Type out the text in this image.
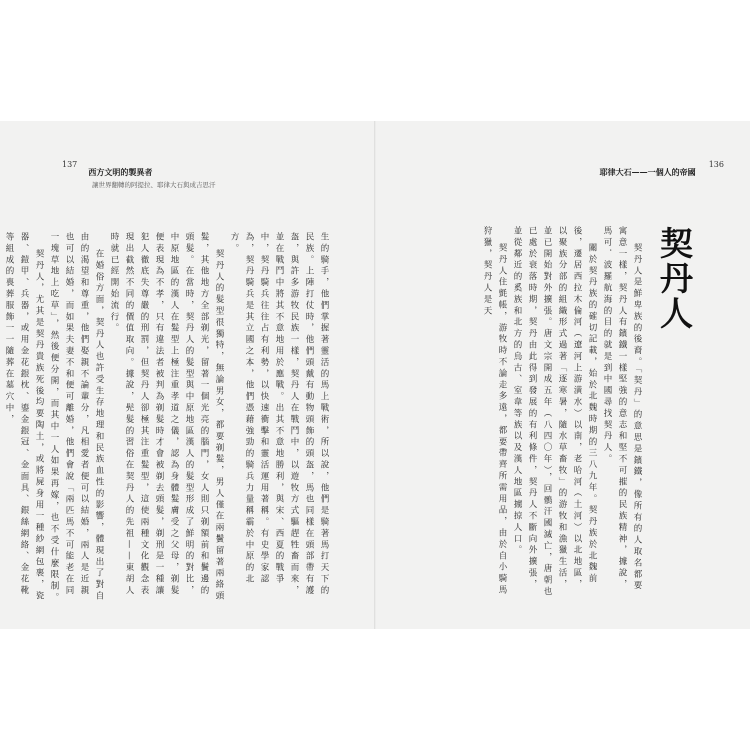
$^{137}$ 西方文明的製異者
讓世界翻轉的阿提拉、耶律大石與成吉思汗

生的騎手，他們掌握著靈活的馬上戰術，所以說，他們是騎著馬打天下的民族。上陣打仗時，他們頭戴有動物頭飾的頭盔，馬也同樣在頭部帶有護盔，與許多游牧民族一樣，契丹人在戰鬥中，以遊牧方式驅趕牲畜而來，並在戰鬥中將其不意地用於應戰。出其不意地勝利，與宋、西夏的戰爭中，契丹騎兵往往占有利勢，以快速衝擊和靈活運用著稱。有史學家認為，契丹騎兵是其立國之本，他們憑藉強勁的騎兵力量稱霸於中原的北方。

契丹人的髮型很獨特，無論男女，都要剃髮，男人僅在兩鬢留著兩絡頭髮，其他地方全部剃光，留著一個光亮的腦門，女人則只剃額前和鬢邊的頭髮。在當時，契丹人的髮型與中原地區漢人的髮型形成了鮮明的對比，中原地區的漢人在髮型上極注重孝道之儀，認為身體髮膚受之父母，剃髮便表現為不孝，只有違法者被判為剃髮時才會被剃去頭髮，剃刑是一種讓犯人徹底失尊嚴的刑罰，但契丹人卻極其注重髮型，這使兩種文化觀念表現出截然不同的價值取向。據說，髡髮的習俗在契丹人的先祖——東胡人時就已經開始流行。

在婚俗方面，契丹人也許受生存地理和民族血性的影響，體現出了對自由的渴望和尊重，他們娶親不論輩分，凡相愛者便可以結婚，兩人是近親也可以結婚，而如果夫妻不和便可離婚，他們會說「兩匹馬不可能老在同一塊草地上吃草」，然後便分開，而其中一人如果再嫁，也不受什麼限制。

契丹人，尤其是契丹貴族死後均要陶土，或將屍身用一種紗網包裹，瓷器、鎧甲、兵器，或用金花銀枕、鎏金銀冠、金面具、銀絲網絡、金花靴等組成的喪葬服飾一一隨葬在墓穴中，

耶律大石——一個人的帝國 $^{136}$
契丹人

契丹人是鮮卑族的後裔。「契丹」的意思是鑌鐵，像所有的人取名都要寓意一樣，契丹人有鑌鐵一樣堅強的意志和堅不可摧的民族精神，據說，馬可．波羅航海的目的就是到中國尋找契丹人。

關於契丹族的確切記載，始於北魏時期的三八九年。契丹族於北魏前後，遷居西拉木倫河（遼河上游潢水）以南，老哈河（土河）以北地區，以聚族分部的組織形式過著「逐寒暑，隨水草畜牧」的游牧和漁獵生活，並已開始對外擴張。唐文宗開成五年（八四〇年），回鶻汗國滅亡，唐朝也已處於衰落時期，契丹由此得到發展的有利條件，契丹人不斷向外擴張，並從鄰近的奚族和北方的烏古、室韋等族以及漢人地區擄掠人口。

契丹人住氈帳，游牧時不論走多遠，都要帶齊所需用品，由於自小騎馬狩獵，契丹人是天
